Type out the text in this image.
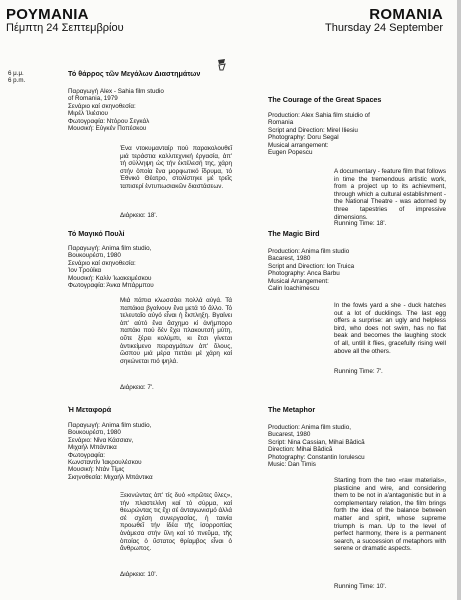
ΡΟΥΜΑΝΙΑ
Πέμπτη 24 Σεπτεμβρίου
ROMANIA
Thursday 24 September
6 μ.μ.
6 p.m.
Τό θάρρος τῶν Μεγάλων Διαστημάτων
Παραγωγή Alex - Sahia film studio
of Romania, 1979
Σενάριο καί σκηνοθεσία:
Μιρέλ Ίλιέσιου
Φωτογραφία: Ντόρου Σεγκάλ
Μουσική: Εὐγκέν Ποπέσκου
Ένα ντοκυμανταίρ πού παρακολουθεῖ μιά τεράστια καλλιτεχνική ἐργασία, ἀπ' τή σύλληψη ὡς τήν ἐκτέλεσή της, χάρη στήν ὁποία ἕνα μορφωτικό ἵδρυμα, τό Έθνικό Θέατρο, στολίστηκε μέ τρεῖς ταπισερί ἐντυπωσιακῶν διαστάσεων.
Διάρκεια: 18'.
The Courage of the Great Spaces
Production: Alex Sahia film stuidio of
Romania
Script and Direction: Mirel Iliesiu
Photography: Doru Segal
Musical arrangement:
Eugen Popescu
A documentary - feature film that follows in time the tremendous artistic work, from a project up to its achievment, through which a cultural establishment - the National Theatre - was adorned by three tapestries of impressive dimensions.
Running Time: 18'.
Τό Μαγικό Πουλί
Παραγωγή: Anima film studio,
Βουκουρέστι, 1980
Σενάριο καί σκηνοθεσία:
Ίον Τρούϊκα
Μουσική: Καλίν Ίωακειμέσκου
Φωτογραφία: Άνκα Μπάρμπου
Μιά πάπια κλωσσάει πολλά αὐγά. Τά παπάκια βγαίνουν ἕνα μετά τό ἄλλο. Τό τελευταῖο αὐγό εἶναι ἡ ἔκπληξη. Βγαίνει ἀπ' αὐτό ἕνα ἄσχημο κί ἀνήμπορο παπάκι πού δέν ἔχει πλακουτσή μύτη, οὔτε ξέρει κολύμπι, κι ἔτσι γίνεται ἀντικείμενο πειραγμάτων ἀπ' ὅλους, ὥσπου μιά μέρα πετάει μέ χάρη καί σηκώνεται πιό ψηλά.
Διάρκεια: 7'.
The Magic Bird
Production: Anima film studio
Bacarest, 1980
Script and Direction: Ion Truica
Photography: Anca Barbu
Musical Arrangement:
Calin Ioachimescu
In the fowls yard a she - duck hatches out a lot of ducklings. The last egg offers a surprise: an ugly and helpless bird, who does not swim, has no flat beak and becomes the laughing stock of all, untill it flies, gracefully rising well above all the others.
Running Time: 7'.
Ἡ Μεταφορά
Παραγωγή: Anima film studio,
Βουκουρέστι, 1980
Σενάριο: Νίνα Κάσσιαν,
Μιχαήλ Μπάντικα
Φωτογραφία:
Κωνσταντίν Ἰακρουλέσκου
Μουσική: Ντάν Τίμις
Σκηνοθεσία: Μιχαήλ Μπάντικα
Ξεκινώντας ἀπ' τίς δυό «πρῶτες ὕλες», τήν πλαστελίνη καί τό σύρμα, καί θεωρώντας τις ἔχι σέ ἀνταγωνισμό ἀλλά σέ σχέση συνεργασίας, ἡ ταινία προωθεῖ τήν ἰδέα τῆς ἰσορροπίας ἀνάμεσα στήν ὕλη καί τό πνεῦμα, τῆς ὁποίας ὁ ὕστατος θρίαμβος εἶναι ὁ ἄνθρωπος.
Διάρκεια: 10'.
The Metaphor
Production: Anima film studio,
Bucarest, 1980
Script: Nina Cassian, Mihai Bădică
Direction: Mihai Bădică
Photography: Constantin Iorulescu
Music: Dan Timis
Starting from the two «raw materials», plasticine and wire, and considering them to be not in a'antagonistic but in a complementary relation, the film brings forth the idea of the balance between matter and spirit, whose supreme triumph is man. Up to the level of perfect harmony, there is a permanent search, a succession of metaphors with serene or dramatic aspects.
Running Time: 10'.
